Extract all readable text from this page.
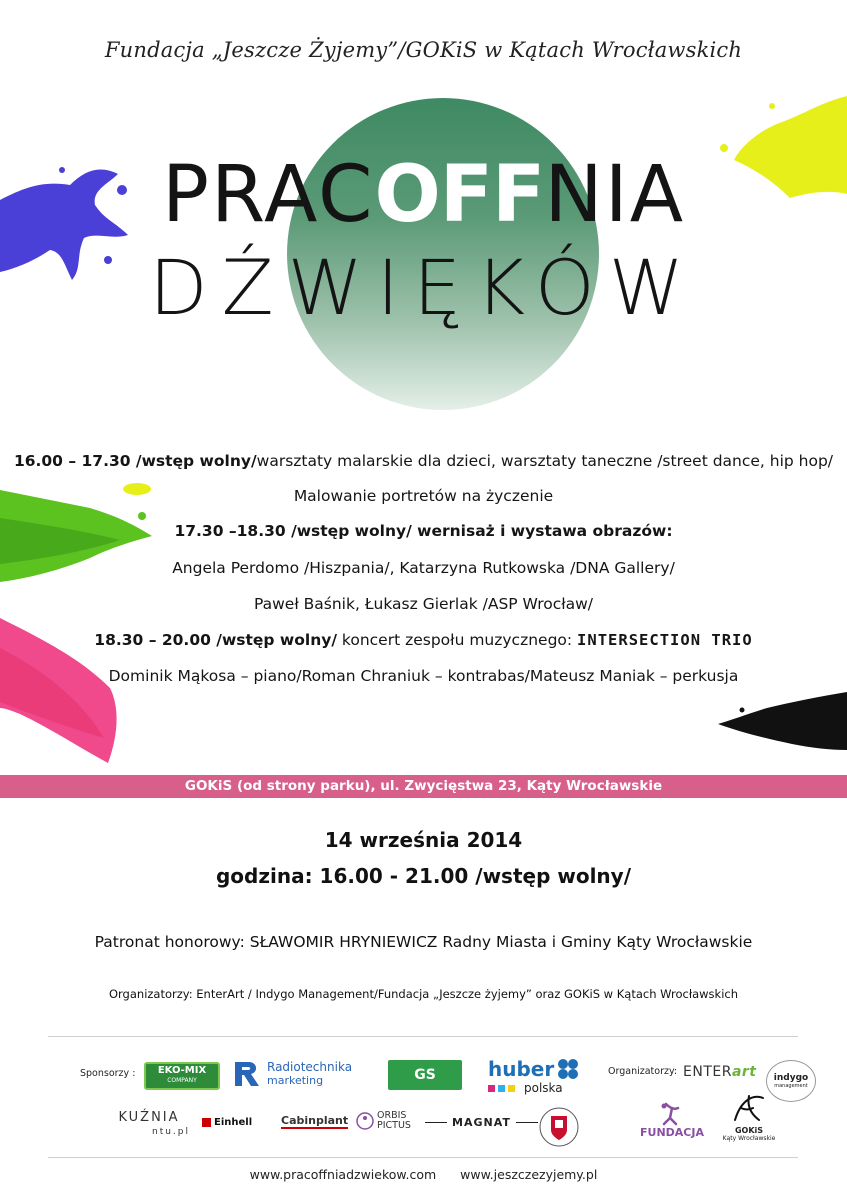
Fundacja „Jeszcze Żyjemy”/GOKiS w Kątach Wrocławskich
PRACOFFNIA
DŹWIĘKÓW
16.00 – 17.30 /wstęp wolny/warsztaty malarskie dla dzieci, warsztaty taneczne /street dance, hip hop/
Malowanie portretów na życzenie
17.30 –18.30 /wstęp wolny/ wernisaż i wystawa obrazów:
Angela Perdomo /Hiszpania/, Katarzyna Rutkowska /DNA Gallery/
Paweł Baśnik, Łukasz Gierlak /ASP Wrocław/
18.30 – 20.00 /wstęp wolny/ koncert zespołu muzycznego: INTERSECTION TRIO
Dominik Mąkosa – piano/Roman Chraniuk – kontrabas/Mateusz Maniak – perkusja
GOKiS (od strony parku), ul. Zwycięstwa 23, Kąty Wrocławskie
14 września 2014
godzina: 16.00 - 21.00 /wstęp wolny/
Patronat honorowy: SŁAWOMIR HRYNIEWICZ Radny Miasta i Gminy Kąty Wrocławskie
Organizatorzy: EnterArt / Indygo Management/Fundacja „Jeszcze żyjemy” oraz GOKiS w Kątach Wrocławskich
Sponsorzy : EKO-MIX
COMPANY
Radiotechnika
marketing	GS	huber
polska
Organizatorzy: ENTER art indygo
management
KUŹNIA
ntu.pl
Einhell	Cabinplant	ORBIS PICTUS	MAGNAT
FUNDACJA	GOKiS
Kąty Wrocławskie
www.pracoffniadzwiekow.com www.jeszczezyjemy.pl
